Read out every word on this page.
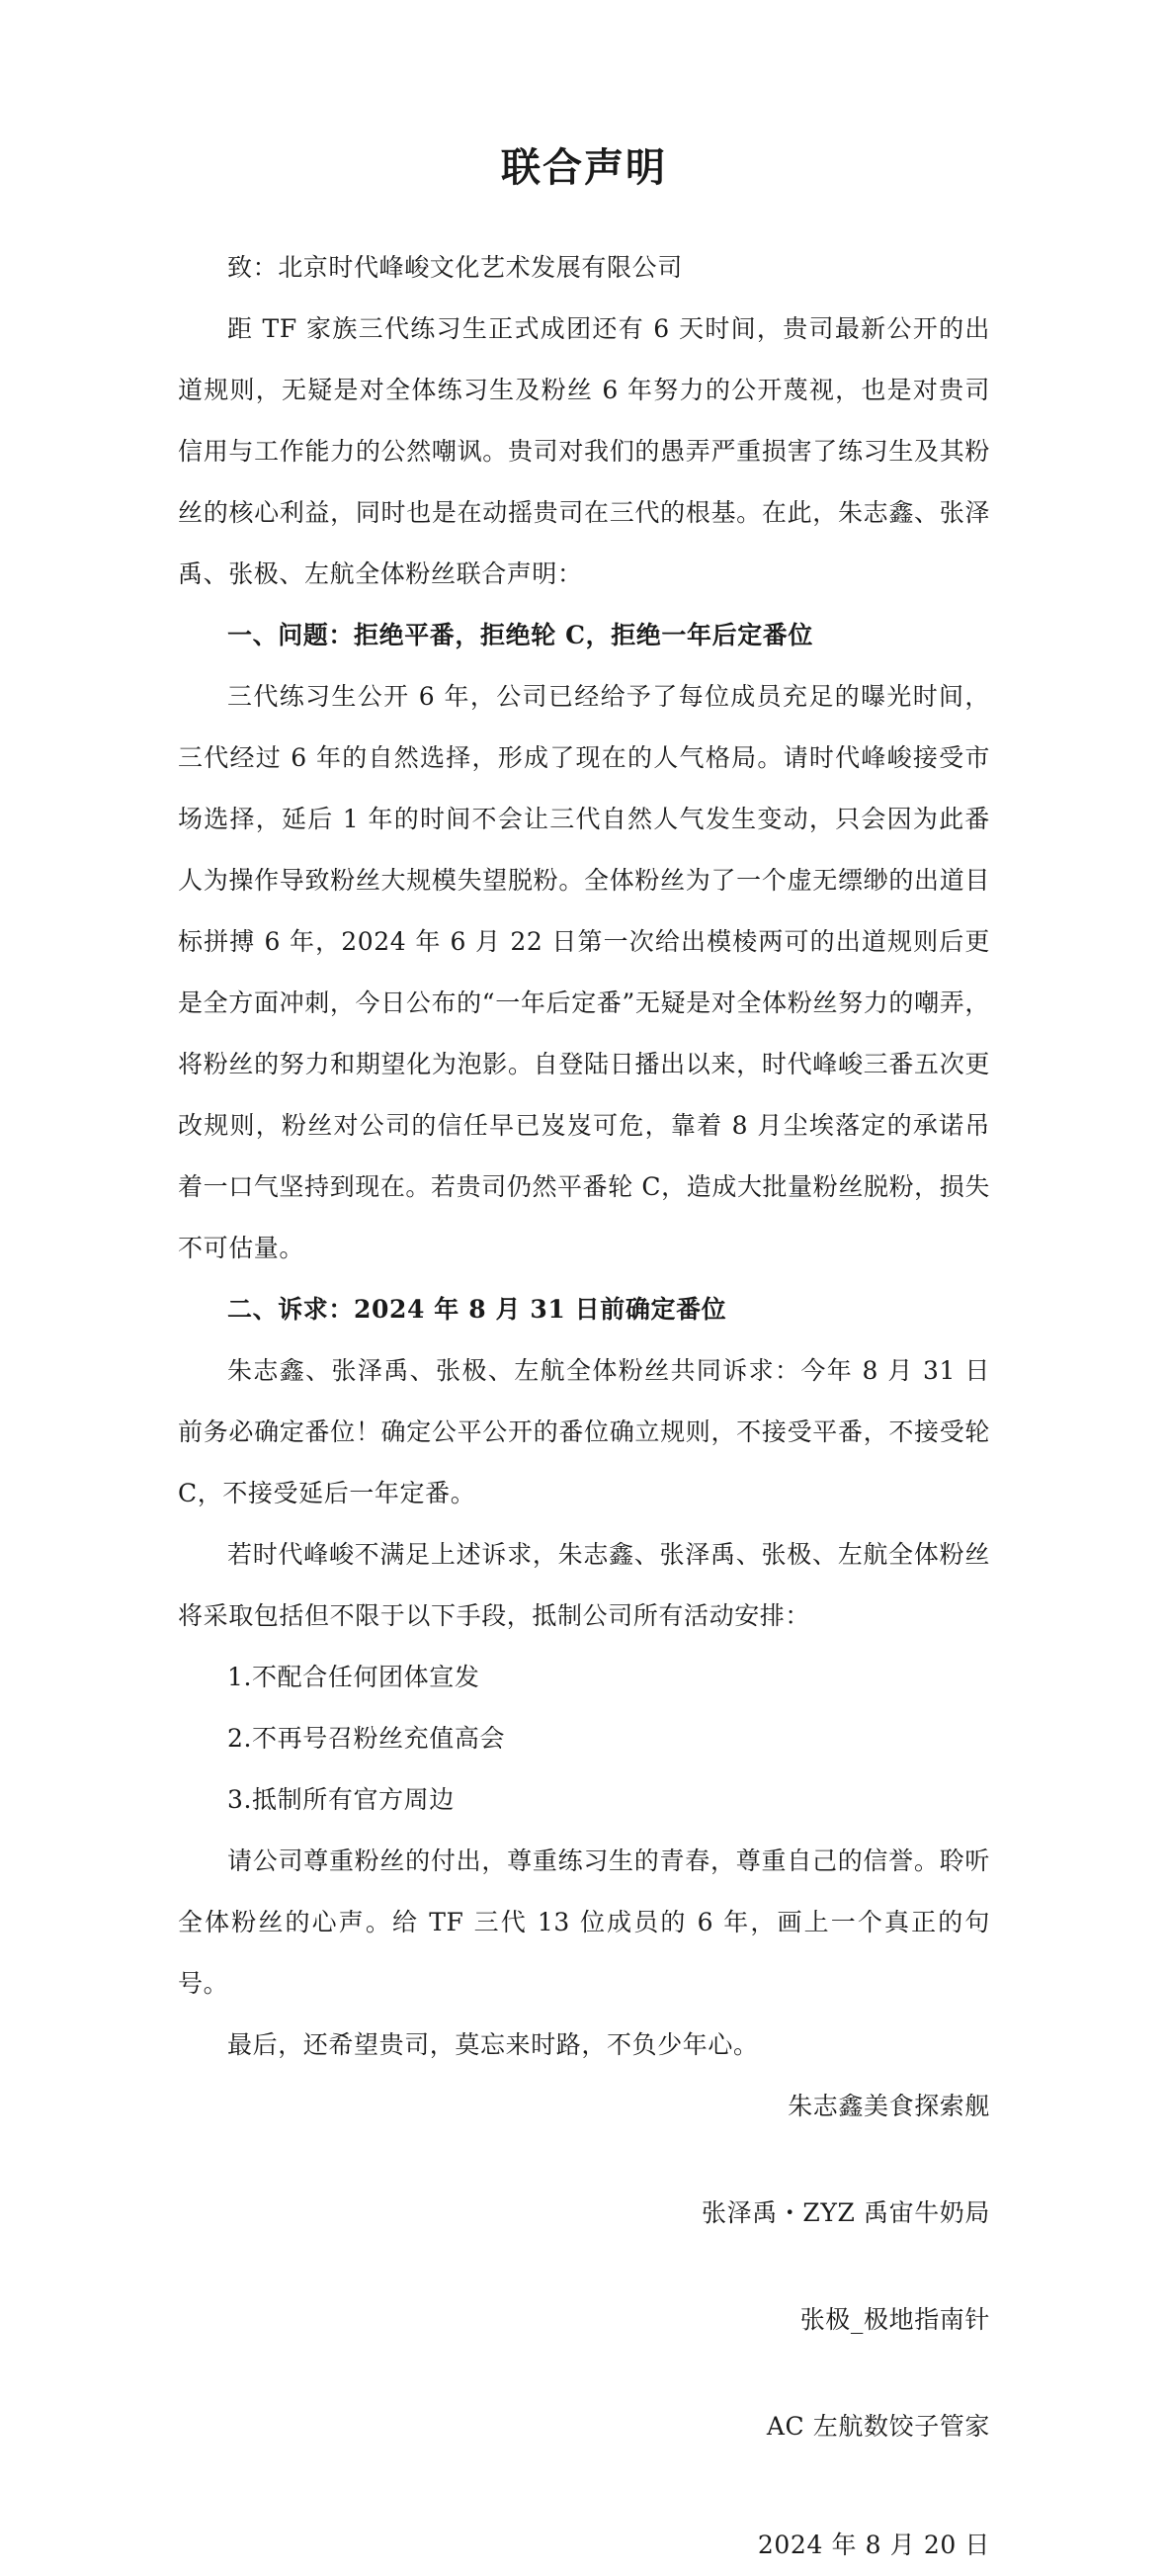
联合声明

致：北京时代峰峻文化艺术发展有限公司

距 TF 家族三代练习生正式成团还有 6 天时间，贵司最新公开的出道规则，无疑是对全体练习生及粉丝 6 年努力的公开蔑视，也是对贵司信用与工作能力的公然嘲讽。贵司对我们的愚弄严重损害了练习生及其粉丝的核心利益，同时也是在动摇贵司在三代的根基。在此，朱志鑫、张泽禹、张极、左航全体粉丝联合声明：

一、问题：拒绝平番，拒绝轮 C，拒绝一年后定番位

三代练习生公开 6 年，公司已经给予了每位成员充足的曝光时间，三代经过 6 年的自然选择，形成了现在的人气格局。请时代峰峻接受市场选择，延后 1 年的时间不会让三代自然人气发生变动，只会因为此番人为操作导致粉丝大规模失望脱粉。全体粉丝为了一个虚无缥缈的出道目标拼搏 6 年，2024 年 6 月 22 日第一次给出模棱两可的出道规则后更是全方面冲刺，今日公布的“一年后定番”无疑是对全体粉丝努力的嘲弄，将粉丝的努力和期望化为泡影。自登陆日播出以来，时代峰峻三番五次更改规则，粉丝对公司的信任早已岌岌可危，靠着 8 月尘埃落定的承诺吊着一口气坚持到现在。若贵司仍然平番轮 C，造成大批量粉丝脱粉，损失不可估量。

二、诉求：2024 年 8 月 31 日前确定番位

朱志鑫、张泽禹、张极、左航全体粉丝共同诉求：今年 8 月 31 日前务必确定番位！确定公平公开的番位确立规则，不接受平番，不接受轮 C，不接受延后一年定番。

若时代峰峻不满足上述诉求，朱志鑫、张泽禹、张极、左航全体粉丝将采取包括但不限于以下手段，抵制公司所有活动安排：

1.不配合任何团体宣发

2.不再号召粉丝充值高会

3.抵制所有官方周边

请公司尊重粉丝的付出，尊重练习生的青春，尊重自己的信誉。聆听全体粉丝的心声。给 TF 三代 13 位成员的 6 年，画上一个真正的句号。

最后，还希望贵司，莫忘来时路，不负少年心。

朱志鑫美食探索舰

张泽禹・ZYZ 禹宙牛奶局

张极_极地指南针

AC 左航数饺子管家

2024 年 8 月 20 日
